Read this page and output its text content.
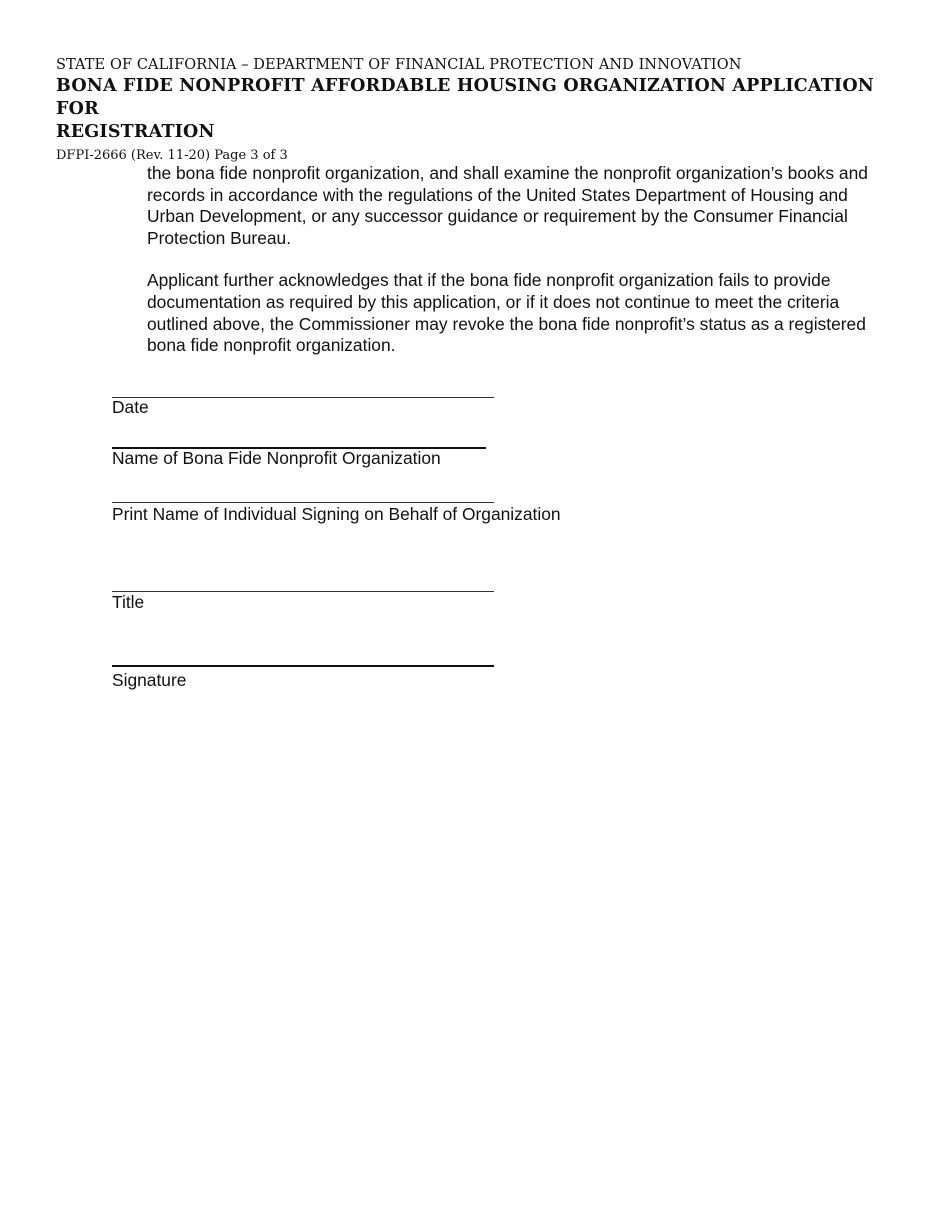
STATE OF CALIFORNIA – DEPARTMENT OF FINANCIAL PROTECTION AND INNOVATION
BONA FIDE NONPROFIT AFFORDABLE HOUSING ORGANIZATION APPLICATION FOR
REGISTRATION
DFPI-2666 (Rev. 11-20) Page 3 of 3

the bona fide nonprofit organization, and shall examine the nonprofit organization’s books and records in accordance with the regulations of the United States Department of Housing and Urban Development, or any successor guidance or requirement by the Consumer Financial Protection Bureau.

Applicant further acknowledges that if the bona fide nonprofit organization fails to provide documentation as required by this application, or if it does not continue to meet the criteria outlined above, the Commissioner may revoke the bona fide nonprofit’s status as a registered bona fide nonprofit organization.

Date
Name of Bona Fide Nonprofit Organization
Print Name of Individual Signing on Behalf of Organization
Title
Signature
